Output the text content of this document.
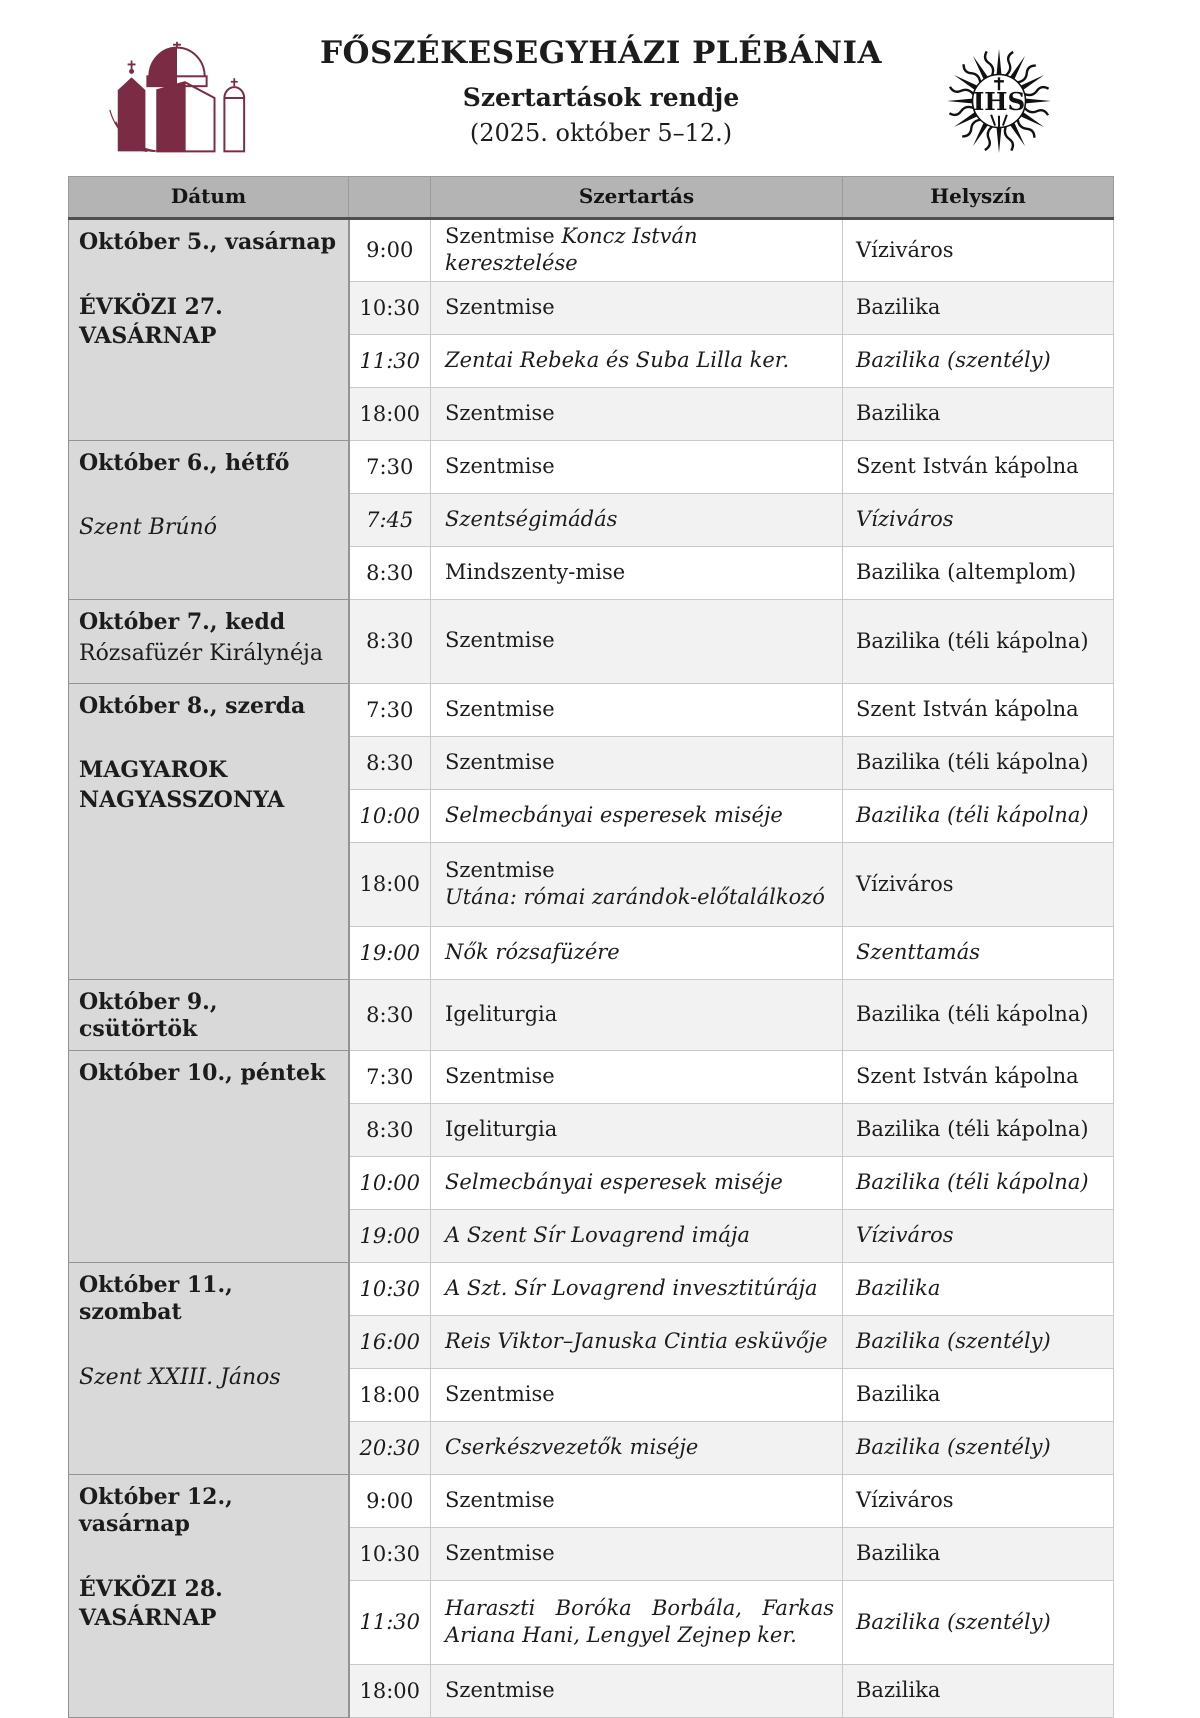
FŐSZÉKESEGYHÁZI PLÉBÁNIA
Szertartások rendje
(2025. október 5–12.)
IHS
Dátum		Szertartás	Helyszín

Október 5., vasárnap
ÉVKÖZI 27.
VASÁRNAP	9:00	Szentmise Koncz István keresztelése	Víziváros
	10:30	Szentmise	Bazilika
	11:30	Zentai Rebeka és Suba Lilla ker.	Bazilika (szentély)
	18:00	Szentmise	Bazilika

Október 6., hétfő
Szent Brúnó	7:30	Szentmise	Szent István kápolna
	7:45	Szentségimádás	Víziváros
	8:30	Mindszenty-mise	Bazilika (altemplom)

Október 7., kedd
Rózsafüzér Királynéja	8:30	Szentmise	Bazilika (téli kápolna)

Október 8., szerda
MAGYAROK
NAGYASSZONYA	7:30	Szentmise	Szent István kápolna
	8:30	Szentmise	Bazilika (téli kápolna)
	10:00	Selmecbányai esperesek miséje	Bazilika (téli kápolna)
	18:00	Szentmise
Utána: római zarándok-előtalálkozó	Víziváros
	19:00	Nők rózsafüzére	Szenttamás

Október 9., csütörtök	8:30	Igeliturgia	Bazilika (téli kápolna)

Október 10., péntek	7:30	Szentmise	Szent István kápolna
	8:30	Igeliturgia	Bazilika (téli kápolna)
	10:00	Selmecbányai esperesek miséje	Bazilika (téli kápolna)
	19:00	A Szent Sír Lovagrend imája	Víziváros

Október 11., szombat
Szent XXIII. János	10:30	A Szt. Sír Lovagrend invesztitúrája	Bazilika
	16:00	Reis Viktor–Januska Cintia esküvője	Bazilika (szentély)
	18:00	Szentmise	Bazilika
	20:30	Cserkészvezetők miséje	Bazilika (szentély)

Október 12., vasárnap
ÉVKÖZI 28.
VASÁRNAP	9:00	Szentmise	Víziváros
	10:30	Szentmise	Bazilika
	11:30	Haraszti Boróka Borbála, Farkas Ariana Hani, Lengyel Zejnep ker.	Bazilika (szentély)
	18:00	Szentmise	Bazilika
